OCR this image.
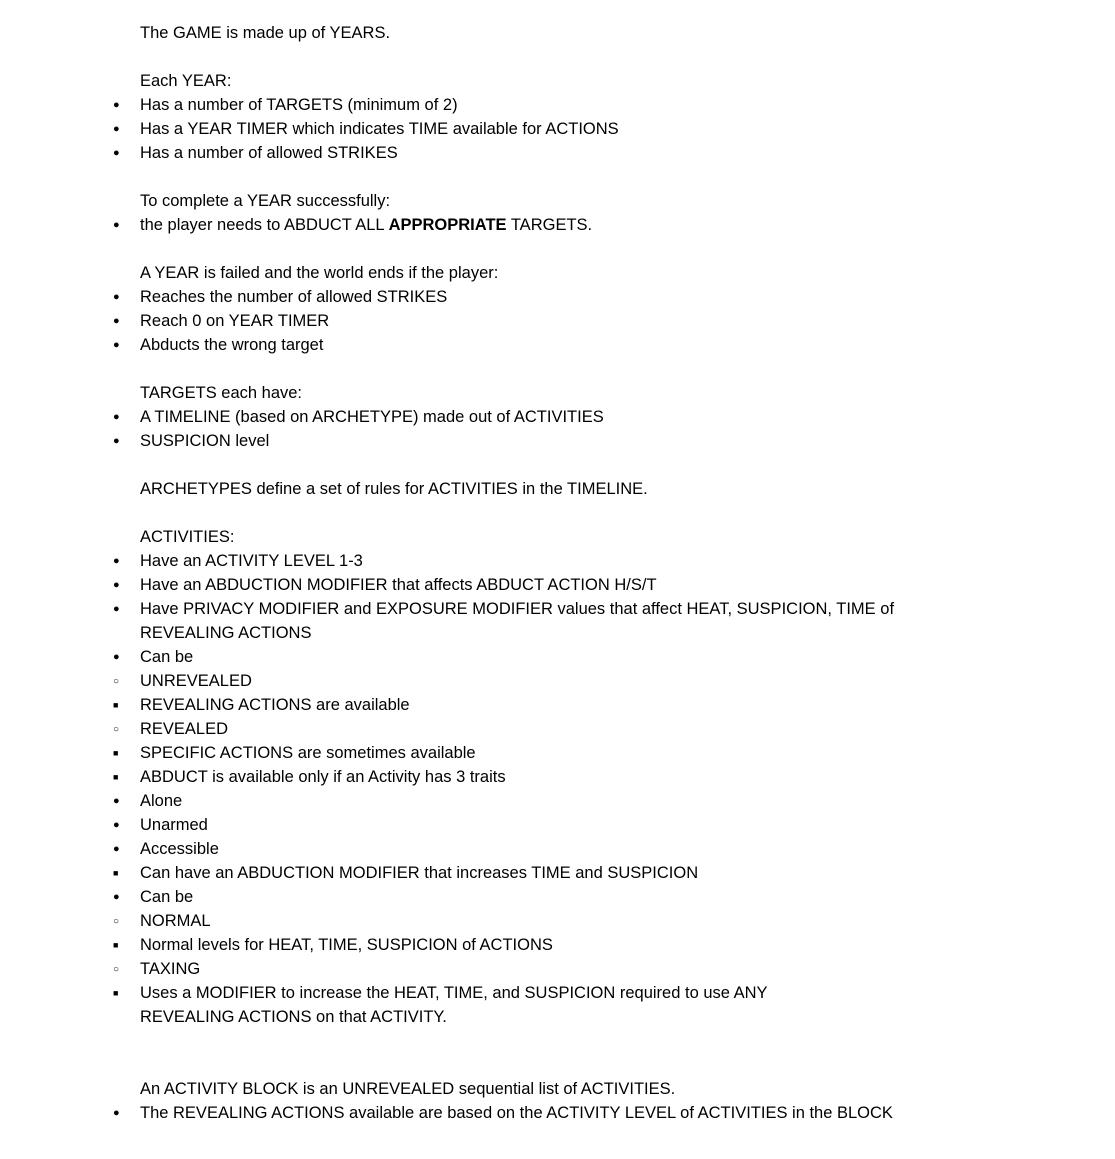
The GAME is made up of YEARS.

Each YEAR:

●
Has a number of TARGETS (minimum of 2)
●
Has a YEAR TIMER which indicates TIME available for ACTIONS
●
Has a number of allowed STRIKES

To complete a YEAR successfully:

●
the player needs to ABDUCT ALL APPROPRIATE TARGETS.

A YEAR is failed and the world ends if the player:

●
Reaches the number of allowed STRIKES
●
Reach 0 on YEAR TIMER
●
Abducts the wrong target

TARGETS each have:

●
A TIMELINE (based on ARCHETYPE) made out of ACTIVITIES
●
SUSPICION level

ARCHETYPES define a set of rules for ACTIVITIES in the TIMELINE.

ACTIVITIES:

●
Have an ACTIVITY LEVEL 1-3
●
Have an ABDUCTION MODIFIER that affects ABDUCT ACTION H/S/T
●
Have PRIVACY MODIFIER and EXPOSURE MODIFIER values that affect HEAT, SUSPICION, TIME of REVEALING ACTIONS
●
Can be
○
UNREVEALED
■
REVEALING ACTIONS are available
○
REVEALED
■
SPECIFIC ACTIONS are sometimes available
■
ABDUCT is available only if an Activity has 3 traits
●
Alone
●
Unarmed
●
Accessible
■
Can have an ABDUCTION MODIFIER that increases TIME and SUSPICION
●
Can be
○
NORMAL
■
Normal levels for HEAT, TIME, SUSPICION of ACTIONS
○
TAXING
■
Uses a MODIFIER to increase the HEAT, TIME, and SUSPICION required to use ANY REVEALING ACTIONS on that ACTIVITY.

An ACTIVITY BLOCK is an UNREVEALED sequential list of ACTIVITIES.

●
The REVEALING ACTIONS available are based on the ACTIVITY LEVEL of ACTIVITIES in the BLOCK
